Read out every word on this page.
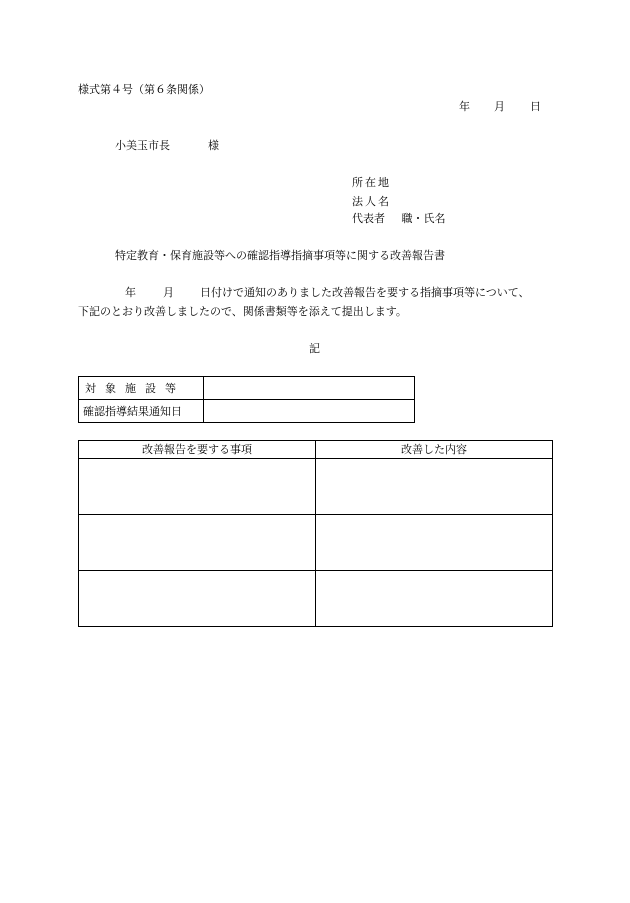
様式第４号（第６条関係）
年 月 日
小美玉市長	様
所在地
法人名
代表者 職・氏名
特定教育・保育施設等への確認指導指摘事項等に関する改善報告書
年 月 日付けで通知のありました改善報告を要する指摘事項等について、
下記のとおり改善しましたので、関係書類等を添えて提出します。
記
対象施設等	
確認指導結果通知日	
改善報告を要する事項	改善した内容
